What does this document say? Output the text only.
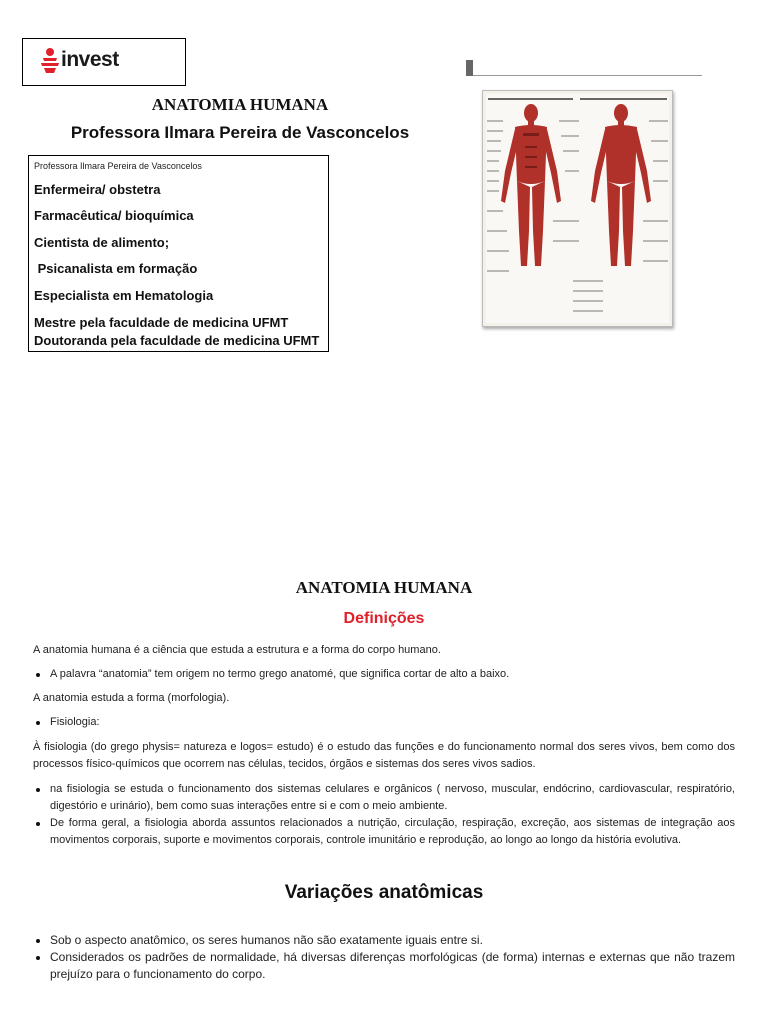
invest
ANATOMIA HUMANA
Professora Ilmara Pereira de Vasconcelos
Professora Ilmara Pereira de Vasconcelos
Enfermeira/ obstetra
Farmacêutica/ bioquímica
Cientista de alimento;
Psicanalista em formação
Especialista em Hematologia
Mestre pela faculdade de medicina UFMT
Doutoranda pela faculdade de medicina UFMT
ANATOMIA HUMANA
Definições
A anatomia humana é a ciência que estuda a estrutura e a forma do corpo humano.
A palavra “anatomia” tem origem no termo grego anatomé, que significa cortar de alto a baixo.
A anatomia estuda a forma (morfologia).
Fisiologia:
À fisiologia (do grego physis= natureza e logos= estudo) é o estudo das funções e do funcionamento normal dos seres vivos, bem como dos processos físico-químicos que ocorrem nas células, tecidos, órgãos e sistemas dos seres vivos sadios.
na fisiologia se estuda o funcionamento dos sistemas celulares e orgânicos ( nervoso, muscular, endócrino, cardiovascular, respiratório, digestório e urinário), bem como suas interações entre si e com o meio ambiente.
De forma geral, a fisiologia aborda assuntos relacionados a nutrição, circulação, respiração, excreção, aos sistemas de integração aos movimentos corporais, suporte e movimentos corporais, controle imunitário e reprodução, ao longo ao longo da história evolutiva.
Variações anatômicas
Sob o aspecto anatômico, os seres humanos não são exatamente iguais entre si.
Considerados os padrões de normalidade, há diversas diferenças morfológicas (de forma) internas e externas que não trazem prejuízo para o funcionamento do corpo.
